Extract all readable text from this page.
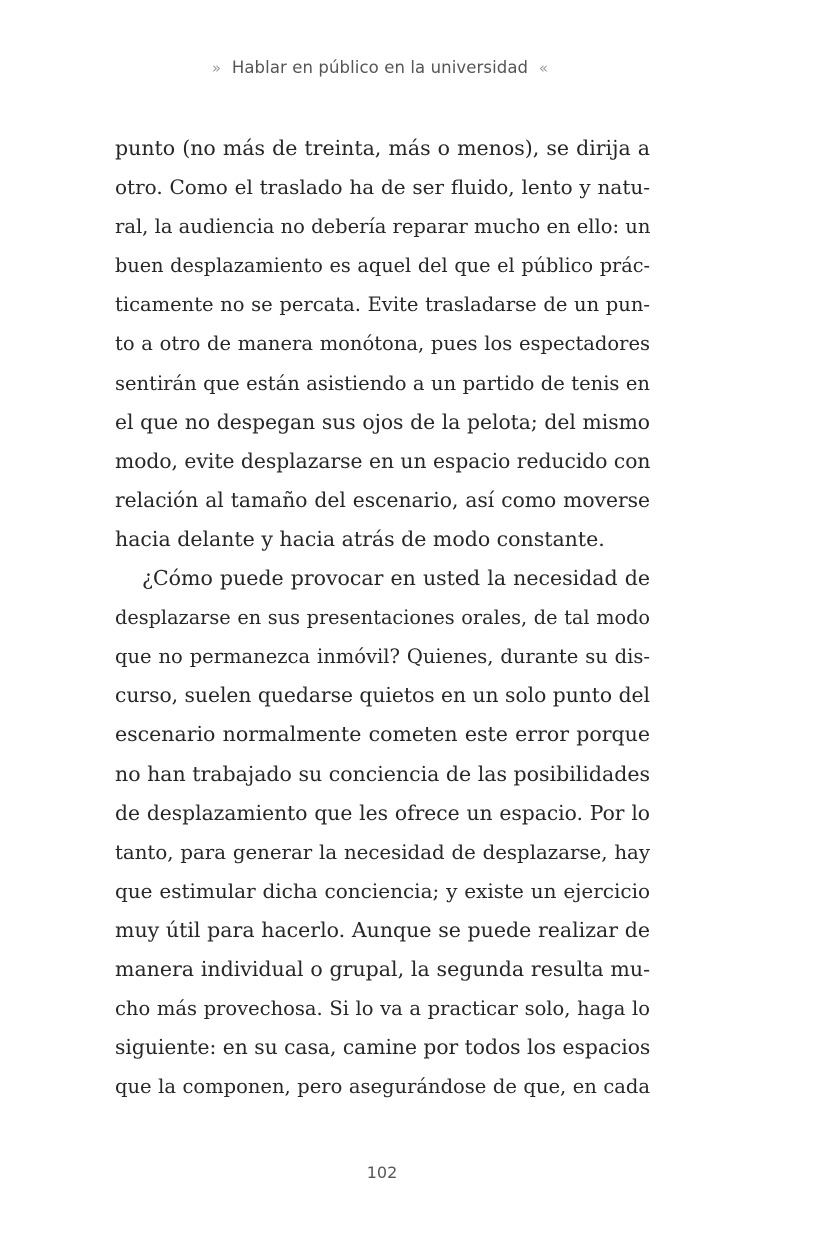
» Hablar en público en la universidad «
punto (no más de treinta, más o menos), se dirija a
otro. Como el traslado ha de ser fluido, lento y natu-
ral, la audiencia no debería reparar mucho en ello: un
buen desplazamiento es aquel del que el público prác-
ticamente no se percata. Evite trasladarse de un pun-
to a otro de manera monótona, pues los espectadores
sentirán que están asistiendo a un partido de tenis en
el que no despegan sus ojos de la pelota; del mismo
modo, evite desplazarse en un espacio reducido con
relación al tamaño del escenario, así como moverse
hacia delante y hacia atrás de modo constante.
¿Cómo puede provocar en usted la necesidad de
desplazarse en sus presentaciones orales, de tal modo
que no permanezca inmóvil? Quienes, durante su dis-
curso, suelen quedarse quietos en un solo punto del
escenario normalmente cometen este error porque
no han trabajado su conciencia de las posibilidades
de desplazamiento que les ofrece un espacio. Por lo
tanto, para generar la necesidad de desplazarse, hay
que estimular dicha conciencia; y existe un ejercicio
muy útil para hacerlo. Aunque se puede realizar de
manera individual o grupal, la segunda resulta mu-
cho más provechosa. Si lo va a practicar solo, haga lo
siguiente: en su casa, camine por todos los espacios
que la componen, pero asegurándose de que, en cada
102
